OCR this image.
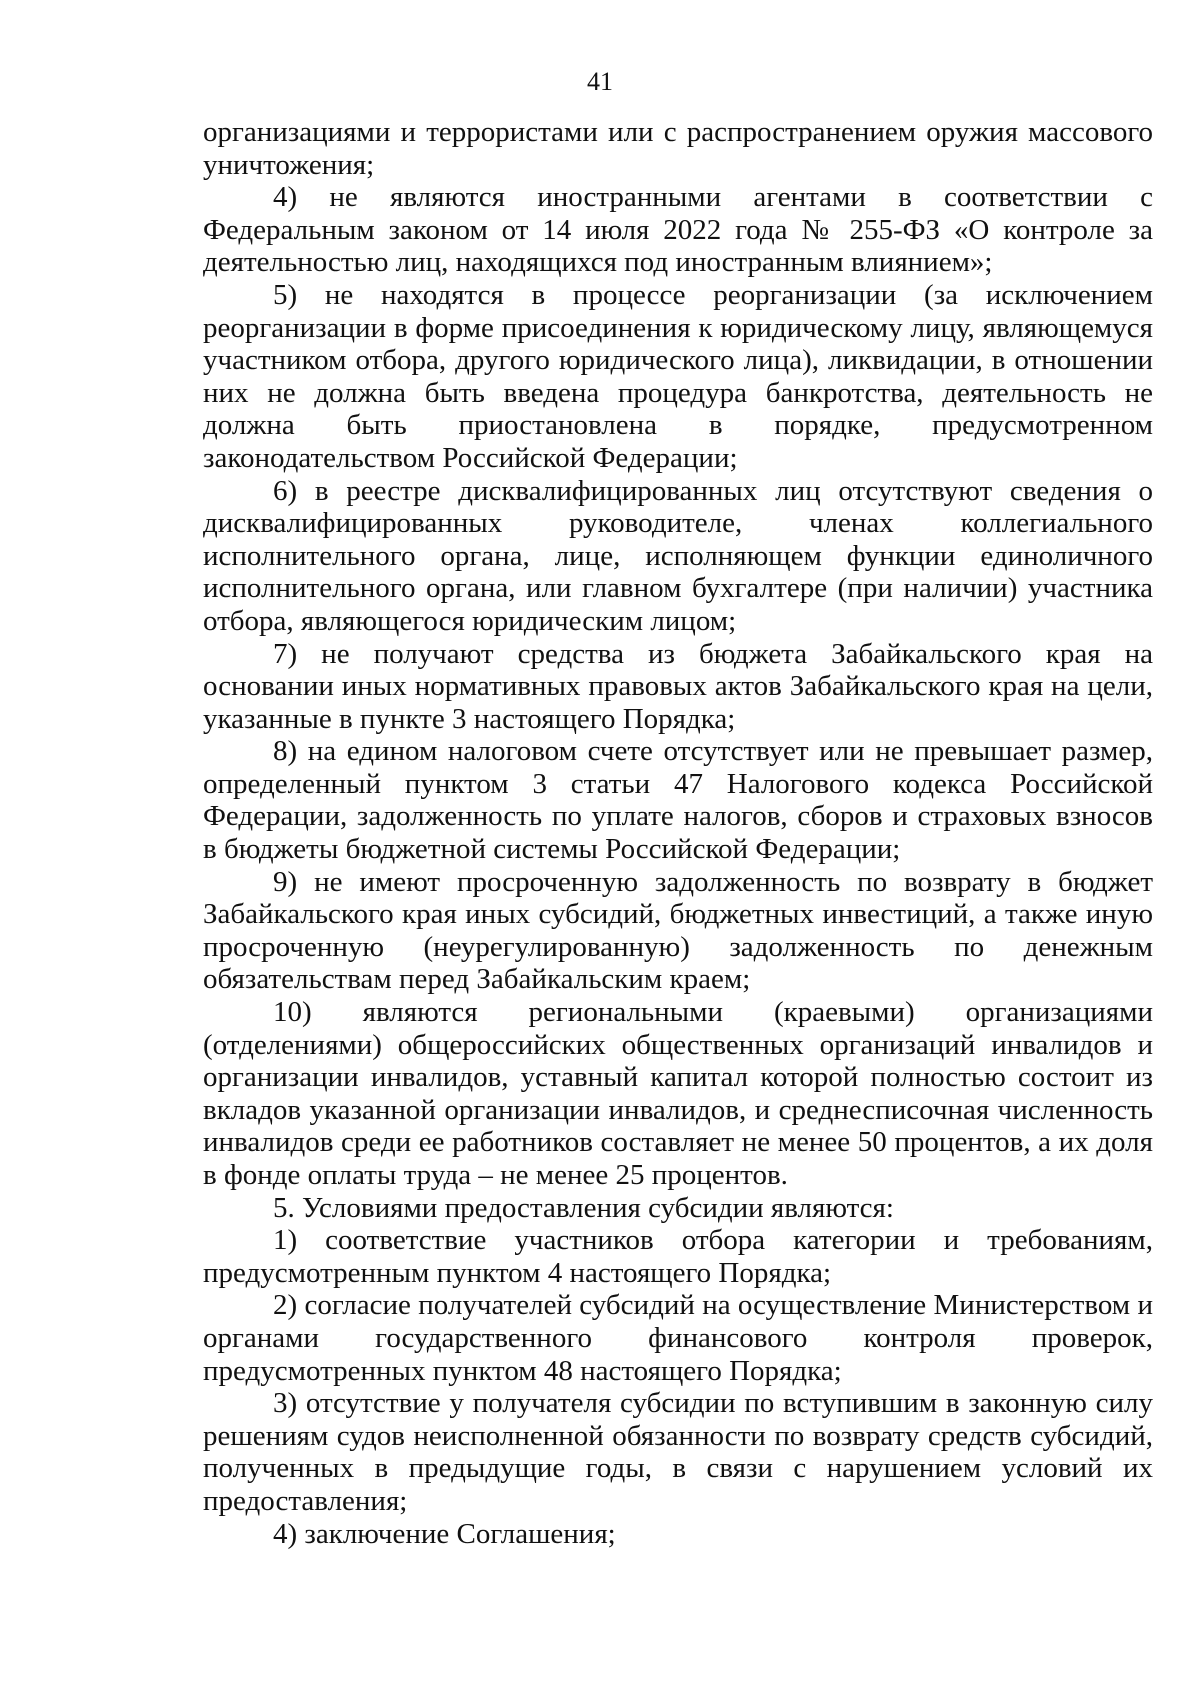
41

организациями и террористами или с распространением оружия массового уничтожения;

4) не являются иностранными агентами в соответствии с Федеральным законом от 14 июля 2022 года № 255-ФЗ «О контроле за деятельностью лиц, находящихся под иностранным влиянием»;

5) не находятся в процессе реорганизации (за исключением реорганизации в форме присоединения к юридическому лицу, являющемуся участником отбора, другого юридического лица), ликвидации, в отношении них не должна быть введена процедура банкротства, деятельность не должна быть приостановлена в порядке, предусмотренном законодательством Российской Федерации;

6) в реестре дисквалифицированных лиц отсутствуют сведения о дисквалифицированных руководителе, членах коллегиального исполнительного органа, лице, исполняющем функции единоличного исполнительного органа, или главном бухгалтере (при наличии) участника отбора, являющегося юридическим лицом;

7) не получают средства из бюджета Забайкальского края на основании иных нормативных правовых актов Забайкальского края на цели, указанные в пункте 3 настоящего Порядка;

8) на едином налоговом счете отсутствует или не превышает размер, определенный пунктом 3 статьи 47 Налогового кодекса Российской Федерации, задолженность по уплате налогов, сборов и страховых взносов в бюджеты бюджетной системы Российской Федерации;

9) не имеют просроченную задолженность по возврату в бюджет Забайкальского края иных субсидий, бюджетных инвестиций, а также иную просроченную (неурегулированную) задолженность по денежным обязательствам перед Забайкальским краем;

10) являются региональными (краевыми) организациями (отделениями) общероссийских общественных организаций инвалидов и организации инвалидов, уставный капитал которой полностью состоит из вкладов указанной организации инвалидов, и среднесписочная численность инвалидов среди ее работников составляет не менее 50 процентов, а их доля в фонде оплаты труда – не менее 25 процентов.

5. Условиями предоставления субсидии являются:

1) соответствие участников отбора категории и требованиям, предусмотренным пунктом 4 настоящего Порядка;

2) согласие получателей субсидий на осуществление Министерством и органами государственного финансового контроля проверок, предусмотренных пунктом 48 настоящего Порядка;

3) отсутствие у получателя субсидии по вступившим в законную силу решениям судов неисполненной обязанности по возврату средств субсидий, полученных в предыдущие годы, в связи с нарушением условий их предоставления;

4) заключение Соглашения;
